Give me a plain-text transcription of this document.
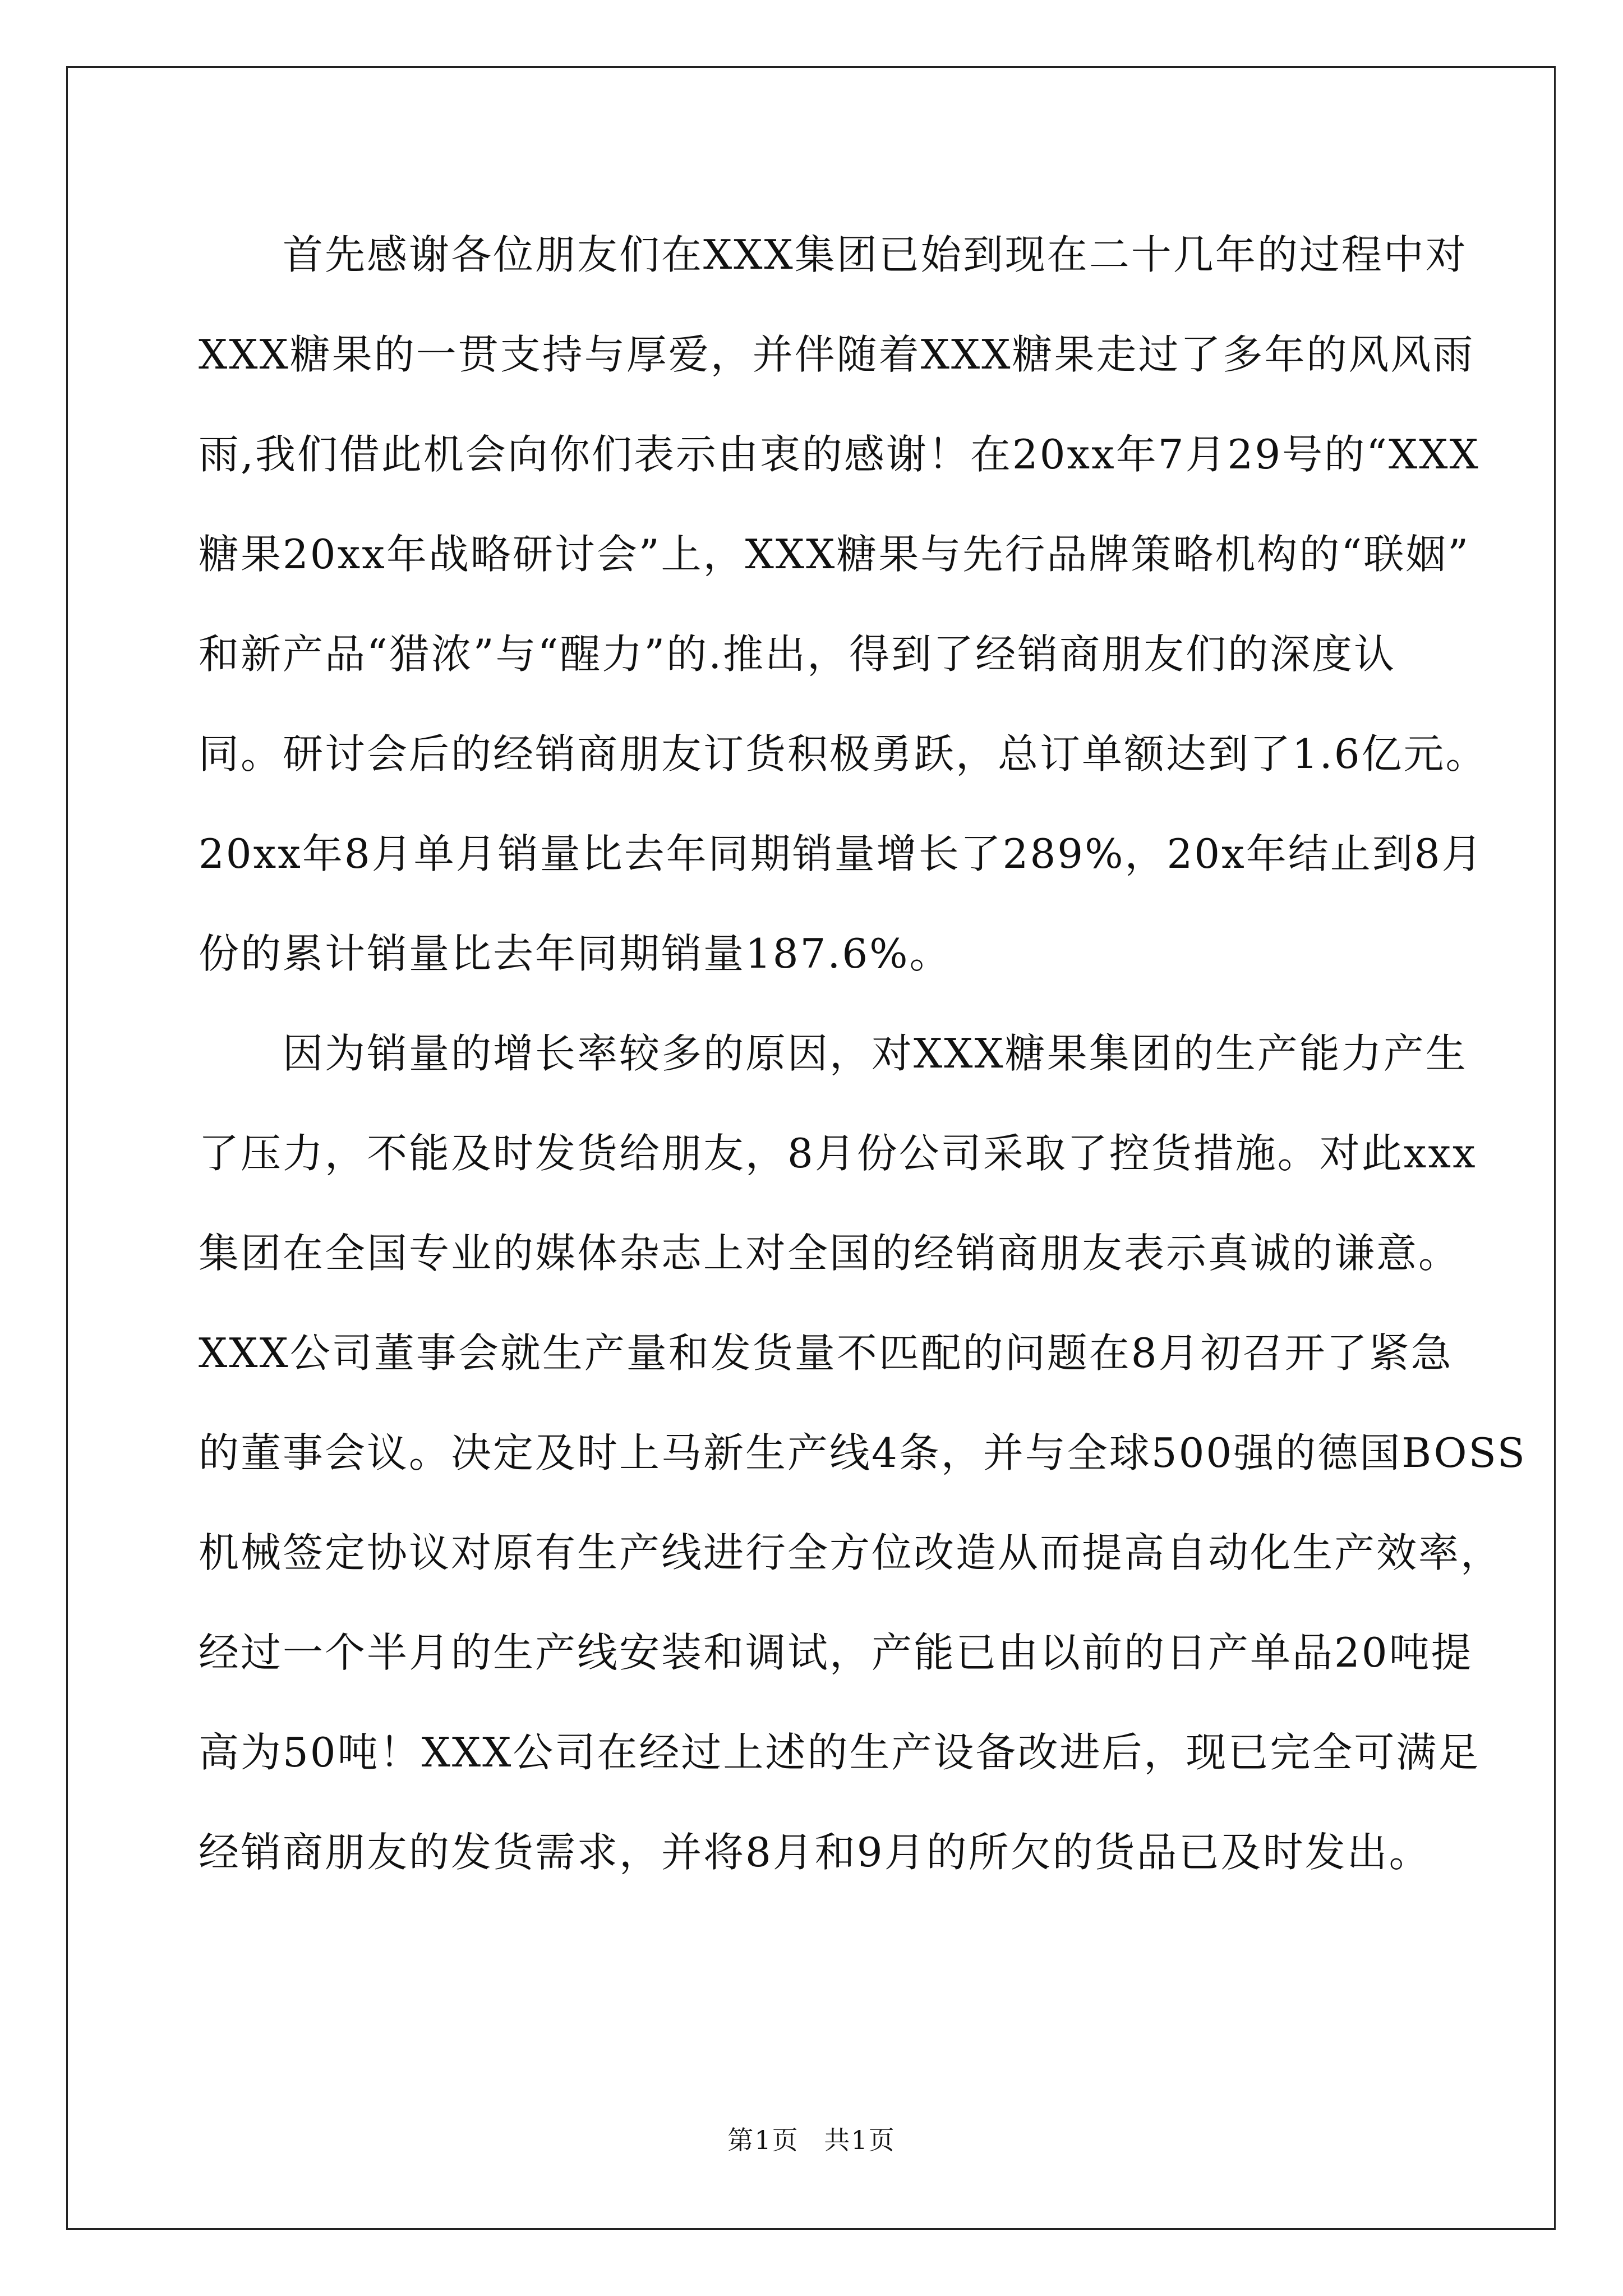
首先感谢各位朋友们在XXX集团已始到现在二十几年的过程中对
XXX糖果的一贯支持与厚爱，并伴随着XXX糖果走过了多年的风风雨
雨,我们借此机会向你们表示由衷的感谢！在20xx年7月29号的“XXX
糖果20xx年战略研讨会”上，XXX糖果与先行品牌策略机构的“联姻”
和新产品“猎浓”与“醒力”的.推出，得到了经销商朋友们的深度认
同。研讨会后的经销商朋友订货积极勇跃，总订单额达到了1.6亿元。
20xx年8月单月销量比去年同期销量增长了289%，20x年结止到8月
份的累计销量比去年同期销量187.6%。
因为销量的增长率较多的原因，对XXX糖果集团的生产能力产生
了压力，不能及时发货给朋友，8月份公司采取了控货措施。对此xxx
集团在全国专业的媒体杂志上对全国的经销商朋友表示真诚的谦意。
XXX公司董事会就生产量和发货量不匹配的问题在8月初召开了紧急
的董事会议。决定及时上马新生产线4条，并与全球500强的德国BOSS
机械签定协议对原有生产线进行全方位改造从而提高自动化生产效率，
经过一个半月的生产线安装和调试，产能已由以前的日产单品20吨提
高为50吨！XXX公司在经过上述的生产设备改进后，现已完全可满足
经销商朋友的发货需求，并将8月和9月的所欠的货品已及时发出。
第1页 共1页
